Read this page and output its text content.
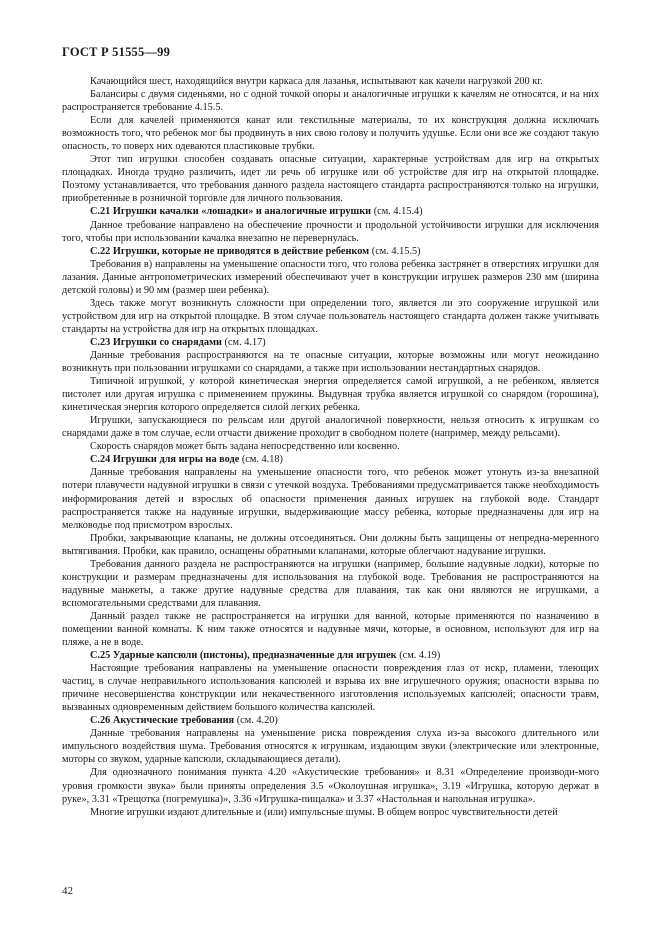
ГОСТ Р 51555—99

Качающийся шест, находящийся внутри каркаса для лазанья, испытывают как качели нагрузкой 200 кг.

Балансиры с двумя сиденьями, но с одной точкой опоры и аналогичные игрушки к качелям не относятся, и на них распространяется требование 4.15.5.

Если для качелей применяются канат или текстильные материалы, то их конструкция должна исключать возможность того, что ребенок мог бы продвинуть в них свою голову и получить удушье. Если они все же создают такую опасность, то поверх них одеваются пластиковые трубки.

Этот тип игрушки способен создавать опасные ситуации, характерные устройствам для игр на открытых площадках. Иногда трудно различить, идет ли речь об игрушке или об устройстве для игр на открытой площадке. Поэтому устанавливается, что требования данного раздела настоящего стандарта распространяются только на игрушки, приобретенные в розничной торговле для личного пользования.

С.21 Игрушки качалки «лошадки» и аналогичные игрушки (см. 4.15.4)

Данное требование направлено на обеспечение прочности и продольной устойчивости игрушки для исключения того, чтобы при использовании качалка внезапно не перевернулась.

С.22 Игрушки, которые не приводятся в действие ребенком (см. 4.15.5)

Требования в) направлены на уменьшение опасности того, что голова ребенка застрянет в отверстиях игрушки для лазания. Данные антропометрических измерений обеспечивают учет в конструкции игрушек размеров 230 мм (ширина детской головы) и 90 мм (размер шеи ребенка).

Здесь также могут возникнуть сложности при определении того, является ли это сооружение игрушкой или устройством для игр на открытой площадке. В этом случае пользователь настоящего стандарта должен также учитывать стандарты на устройства для игр на открытых площадках.

С.23 Игрушки со снарядами (см. 4.17)

Данные требования распространяются на те опасные ситуации, которые возможны или могут неожиданно возникнуть при пользовании игрушками со снарядами, а также при использовании нестандартных снарядов.

Типичной игрушкой, у которой кинетическая энергия определяется самой игрушкой, а не ребенком, является пистолет или другая игрушка с применением пружины. Выдувная трубка является игрушкой со снарядом (горошина), кинетическая энергия которого определяется силой легких ребенка.

Игрушки, запускающиеся по рельсам или другой аналогичной поверхности, нельзя относить к игрушкам со снарядами даже в том случае, если отчасти движение проходит в свободном полете (например, между рельсами).

Скорость снарядов может быть задана непосредственно или косвенно.

С.24 Игрушки для игры на воде (см. 4.18)

Данные требования направлены на уменьшение опасности того, что ребенок может утонуть из-за внезапной потери плавучести надувной игрушки в связи с утечкой воздуха. Требованиями предусматривается также необходимость информирования детей и взрослых об опасности применения данных игрушек на глубокой воде. Стандарт распространяется также на надувные игрушки, выдерживающие массу ребенка, которые предназначены для игр на мелководье под присмотром взрослых.

Пробки, закрывающие клапаны, не должны отсоединяться. Они должны быть защищены от непредна-меренного вытягивания. Пробки, как правило, оснащены обратными клапанами, которые облегчают надувание игрушки.

Требования данного раздела не распространяются на игрушки (например, большие надувные лодки), которые по конструкции и размерам предназначены для использования на глубокой воде. Требования не распространяются на надувные манжеты, а также другие надувные средства для плавания, так как они являются не игрушками, а вспомогательными средствами для плавания.

Данный раздел также не распространяется на игрушки для ванной, которые применяются по назначению в помещении ванной комнаты. К ним также относятся и надувные мячи, которые, в основном, используют для игр на пляже, а не в воде.

С.25 Ударные капсюли (пистоны), предназначенные для игрушек (см. 4.19)

Настоящие требования направлены на уменьшение опасности повреждения глаз от искр, пламени, тлеющих частиц, в случае неправильного использования капсюлей и взрыва их вне игрушечного оружия; опасности взрыва по причине несовершенства конструкции или некачественного изготовления используемых капсюлей; опасности травм, вызванных одновременным действием большого количества капсюлей.

С.26 Акустические требования (см. 4.20)

Данные требования направлены на уменьшение риска повреждения слуха из-за высокого длительного или импульсного воздействия шума. Требования относятся к игрушкам, издающим звуки (электрические или электронные, моторы со звуком, ударные капсюли, складывающиеся детали).

Для однозначного понимания пункта 4.20 «Акустические требования» и 8.31 «Определение производи-мого уровня громкости звука» были приняты определения 3.5 «Околоушная игрушка», 3.19 «Игрушка, которую держат в руке», 3.31 «Трещотка (погремушка)», 3.36 «Игрушка-пищалка» и 3.37 «Настольная и напольная игрушка».

Многие игрушки издают длительные и (или) импульсные шумы. В общем вопрос чувствительности детей

42
